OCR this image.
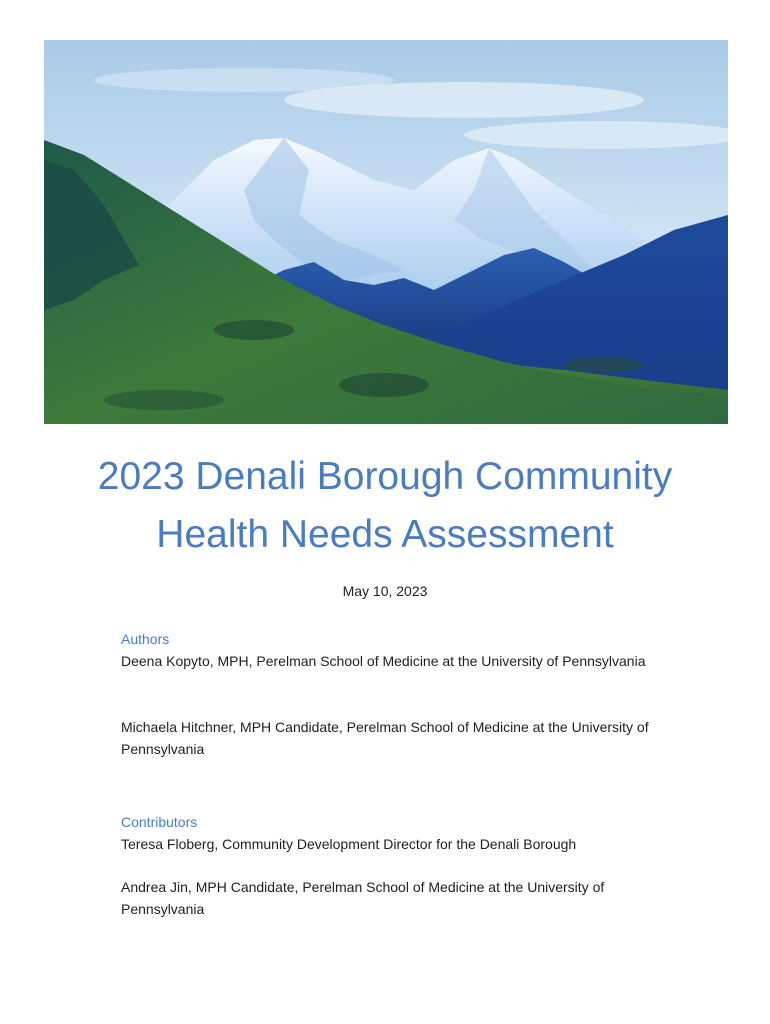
2023 Denali Borough Community
Health Needs Assessment
May 10, 2023
Authors
Deena Kopyto, MPH, Perelman School of Medicine at the University of Pennsylvania
Michaela Hitchner, MPH Candidate, Perelman School of Medicine at the University of Pennsylvania
Contributors
Teresa Floberg, Community Development Director for the Denali Borough
Andrea Jin, MPH Candidate, Perelman School of Medicine at the University of Pennsylvania
